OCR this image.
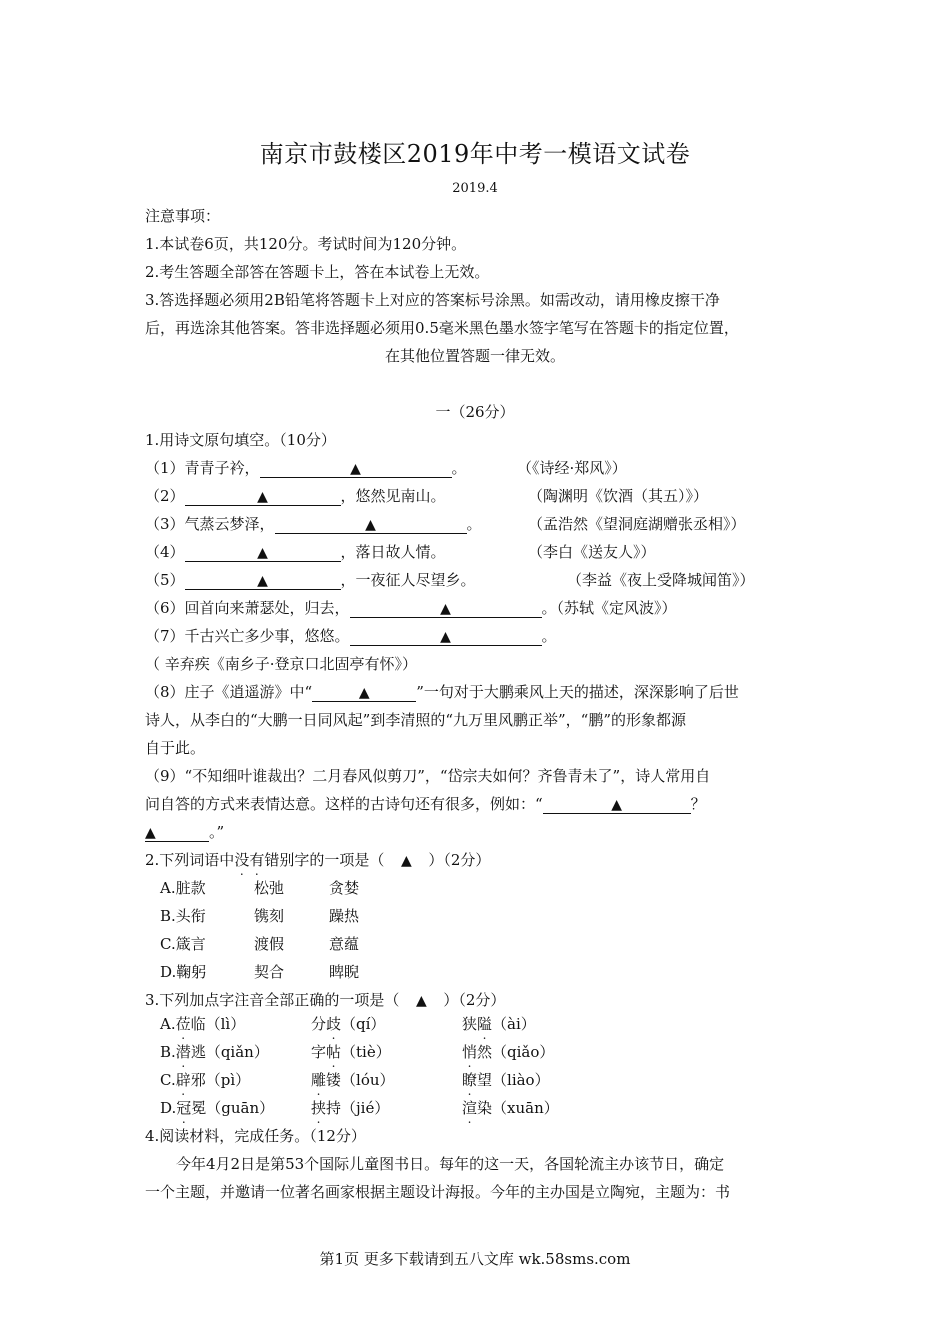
南京市鼓楼区2019年中考一模语文试卷
2019.4
注意事项：
1.本试卷6页，共120分。考试时间为120分钟。
2.考生答题全部答在答题卡上，答在本试卷上无效。
3.答选择题必须用2B铅笔将答题卡上对应的答案标号涂黑。如需改动，请用橡皮擦干净
后，再选涂其他答案。答非选择题必须用0.5毫米黑色墨水签字笔写在答题卡的指定位置，
在其他位置答题一律无效。
一（26分）
1.用诗文原句填空。（10分）
（1）青青子衿，	▲	。	（《诗经·郑风》）
（2）	▲	，悠然见南山。	（陶渊明《饮酒（其五）》）
（3）气蒸云梦泽，	▲	。	（孟浩然《望洞庭湖赠张丞相》）
（4）	▲	，落日故人情。	（李白《送友人》）
（5）	▲	，一夜征人尽望乡。	（李益《夜上受降城闻笛》）
（6）回首向来萧瑟处，归去，	▲	。（苏轼《定风波》）
（7）千古兴亡多少事，悠悠。	▲	。
（ 辛弃疾《南乡子·登京口北固亭有怀》）
（8）庄子《逍遥游》中“	▲	”一句对于大鹏乘风上天的描述，深深影响了后世
诗人，从李白的“大鹏一日同风起”到李清照的“九万里风鹏正举”，“鹏”的形象都源
自于此。
（9）“不知细叶谁裁出？二月春风似剪刀”，“岱宗夫如何？齐鲁青未了”，诗人常用自
问自答的方式来表情达意。这样的古诗句还有很多，例如：“	▲	？
▲	。”
2.下列词语中没有错别字的一项是（ ▲ ）（2分）
A.脏款	松弛	贪婪
B.头衔	镌刻	躁热
C.箴言	渡假	意蕴
D.鞠躬	契合	睥睨
3.下列加点字注音全部正确的一项是（ ▲ ）（2分）
A.莅临（lì）	分歧（qí）	狭隘（ài）
B.潜逃（qiǎn）	字帖（tiè）	悄然（qiǎo）
C.辟邪（pì）	雕镂（lóu）	瞭望（liào）
D.冠冕（guān） 挟持（jié）	渲染（xuān）
4.阅读材料，完成任务。（12分）
今年4月2日是第53个国际儿童图书日。每年的这一天，各国轮流主办该节日，确定
一个主题，并邀请一位著名画家根据主题设计海报。今年的主办国是立陶宛，主题为：书
第1页 更多下载请到五八文库 wk.58sms.com
